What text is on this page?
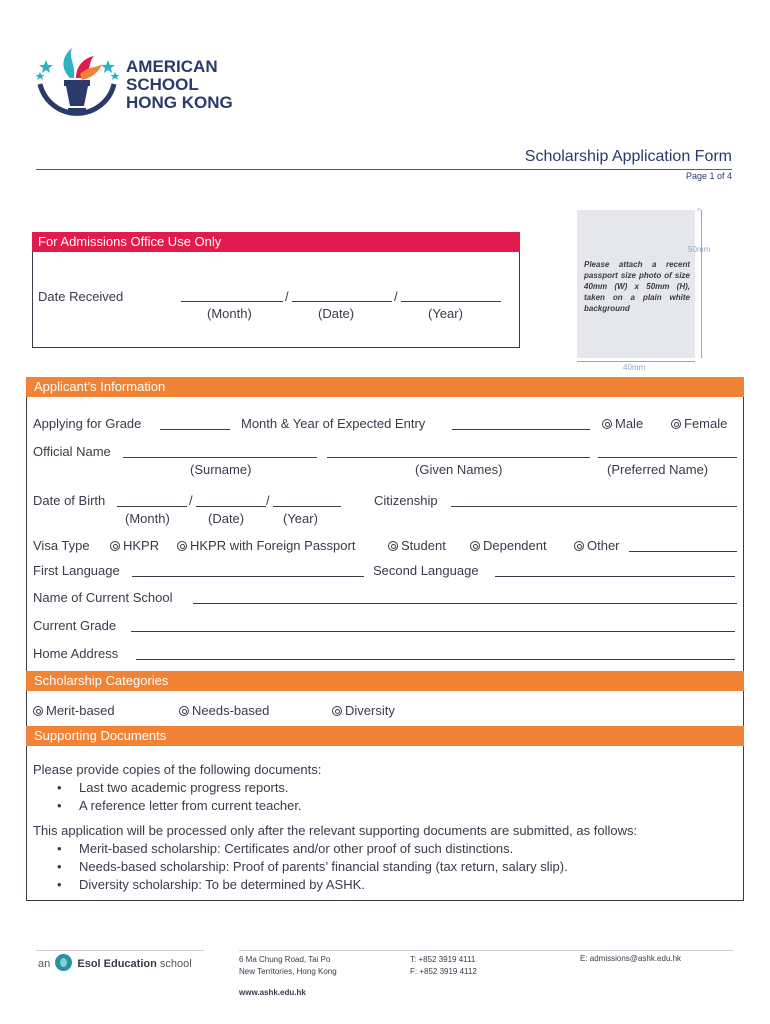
AMERICAN
SCHOOL
HONG KONG
Scholarship Application Form
Page 1 of 4
For Admissions Office Use Only
Date Received	/	/
(Month)	(Date)	(Year)
Please attach a recent passport size photo of size 40mm (W) x 50mm (H), taken on a plain white background
^
50mm
40mm
Applicant’s Information
Applying for Grade	Month & Year of Expected Entry	Male	Female
Official Name
(Surname)	(Given Names)	(Preferred Name)
Date of Birth	/	/
(Month)	(Date)	(Year)
Citizenship
Visa Type	HKPR	HKPR with Foreign Passport	Student	Dependent	Other
First Language	Second Language
Name of Current School
Current Grade
Home Address
Scholarship Categories
Merit-based	Needs-based	Diversity
Supporting Documents
Please provide copies of the following documents:
• Last two academic progress reports.
• A reference letter from current teacher.
This application will be processed only after the relevant supporting documents are submitted, as follows:
• Merit-based scholarship: Certificates and/or other proof of such distinctions.
• Needs-based scholarship: Proof of parents’ financial standing (tax return, salary slip).
• Diversity scholarship: To be determined by ASHK.
an Esol Education school	6 Ma Chung Road, Tai Po
New Territories, Hong Kong
T: +852 3919 4111
F: +852 3919 4112
E: admissions@ashk.edu.hk
www.ashk.edu.hk
